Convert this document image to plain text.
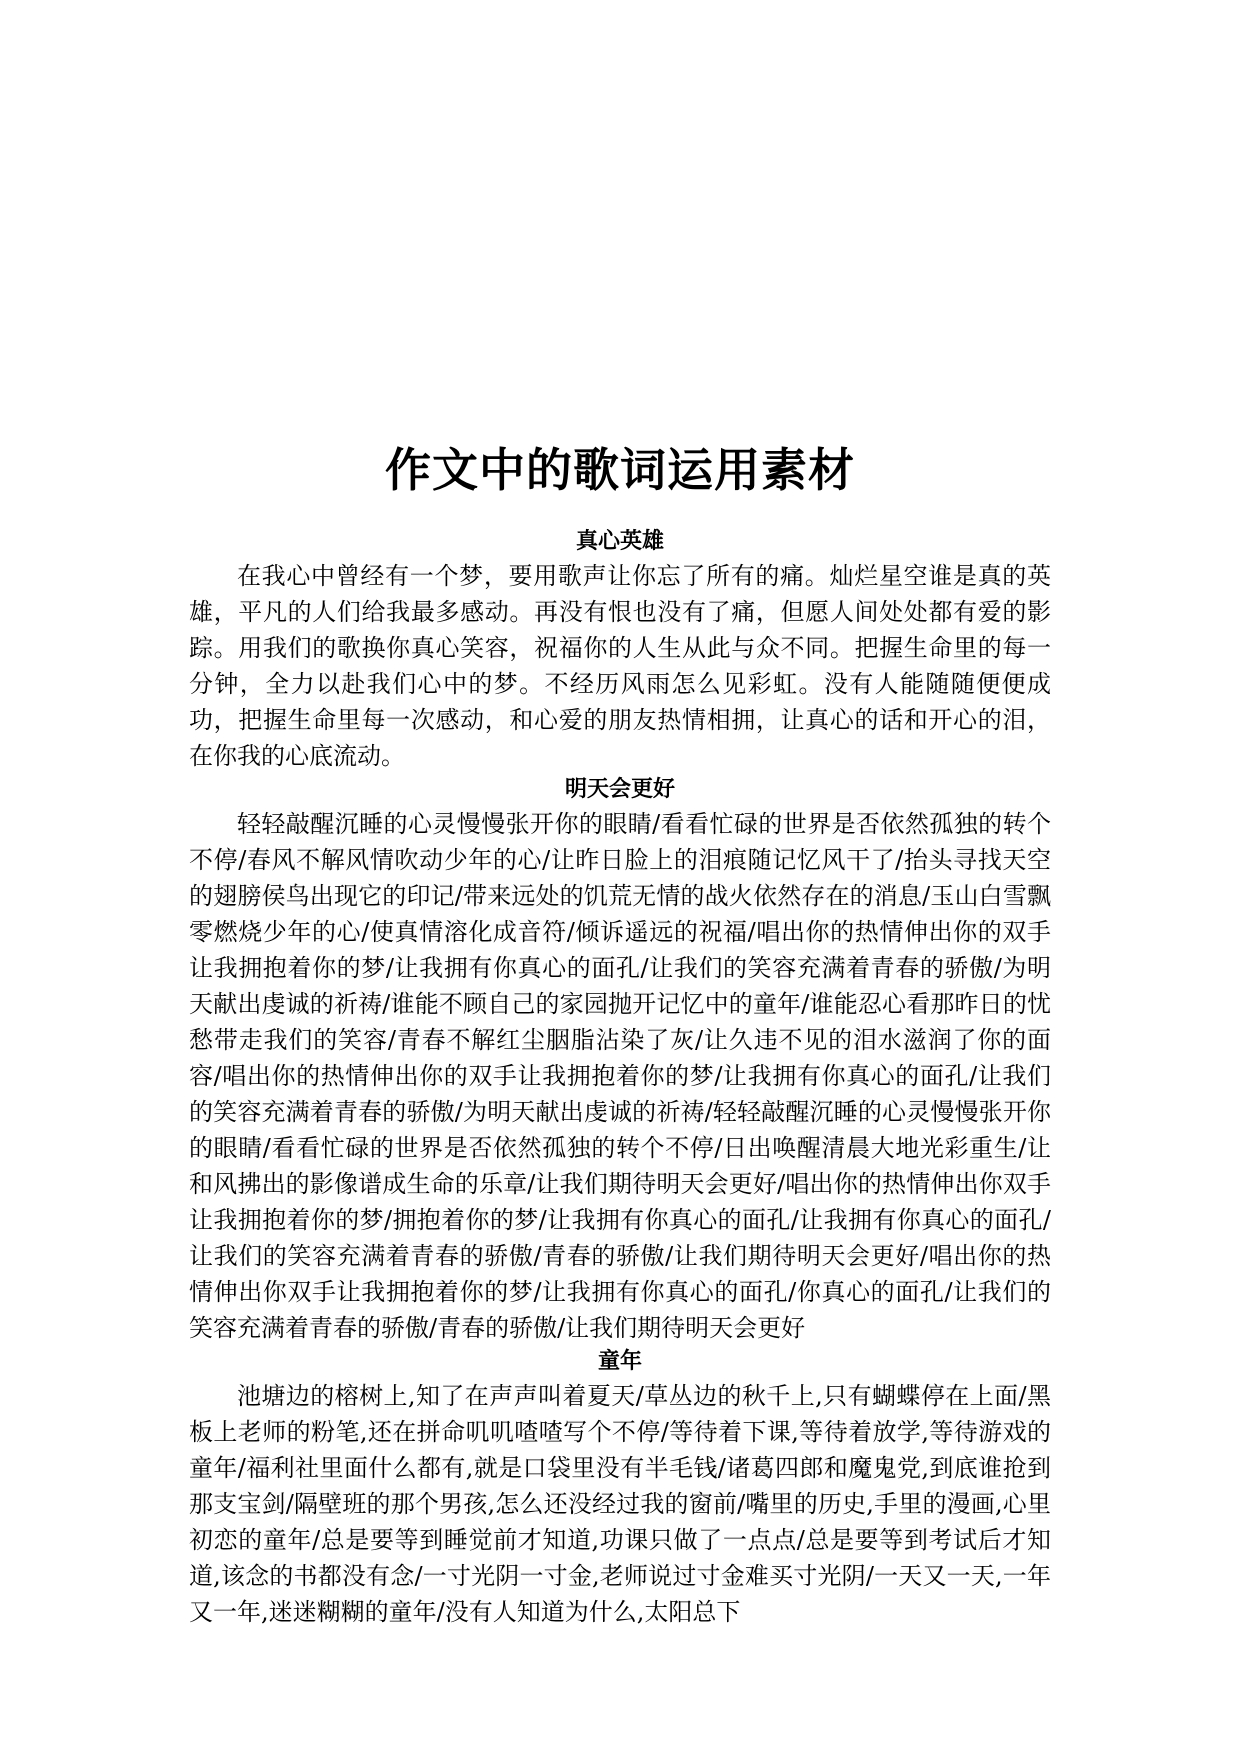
作文中的歌词运用素材
真心英雄

在我心中曾经有一个梦，要用歌声让你忘了所有的痛。灿烂星空谁是真的英雄，平凡的人们给我最多感动。再没有恨也没有了痛，但愿人间处处都有爱的影踪。用我们的歌换你真心笑容，祝福你的人生从此与众不同。把握生命里的每一分钟，全力以赴我们心中的梦。不经历风雨怎么见彩虹。没有人能随随便便成功，把握生命里每一次感动，和心爱的朋友热情相拥，让真心的话和开心的泪，在你我的心底流动。

明天会更好

轻轻敲醒沉睡的心灵慢慢张开你的眼睛/看看忙碌的世界是否依然孤独的转个不停/春风不解风情吹动少年的心/让昨日脸上的泪痕随记忆风干了/抬头寻找天空的翅膀侯鸟出现它的印记/带来远处的饥荒无情的战火依然存在的消息/玉山白雪飘零燃烧少年的心/使真情溶化成音符/倾诉遥远的祝福/唱出你的热情伸出你的双手让我拥抱着你的梦/让我拥有你真心的面孔/让我们的笑容充满着青春的骄傲/为明天献出虔诚的祈祷/谁能不顾自己的家园抛开记忆中的童年/谁能忍心看那昨日的忧愁带走我们的笑容/青春不解红尘胭脂沾染了灰/让久违不见的泪水滋润了你的面容/唱出你的热情伸出你的双手让我拥抱着你的梦/让我拥有你真心的面孔/让我们的笑容充满着青春的骄傲/为明天献出虔诚的祈祷/轻轻敲醒沉睡的心灵慢慢张开你的眼睛/看看忙碌的世界是否依然孤独的转个不停/日出唤醒清晨大地光彩重生/让和风拂出的影像谱成生命的乐章/让我们期待明天会更好/唱出你的热情伸出你双手让我拥抱着你的梦/拥抱着你的梦/让我拥有你真心的面孔/让我拥有你真心的面孔/让我们的笑容充满着青春的骄傲/青春的骄傲/让我们期待明天会更好/唱出你的热情伸出你双手让我拥抱着你的梦/让我拥有你真心的面孔/你真心的面孔/让我们的笑容充满着青春的骄傲/青春的骄傲/让我们期待明天会更好

童年

池塘边的榕树上,知了在声声叫着夏天/草丛边的秋千上,只有蝴蝶停在上面/黑板上老师的粉笔,还在拼命叽叽喳喳写个不停/等待着下课,等待着放学,等待游戏的童年/福利社里面什么都有,就是口袋里没有半毛钱/诸葛四郎和魔鬼党,到底谁抢到那支宝剑/隔壁班的那个男孩,怎么还没经过我的窗前/嘴里的历史,手里的漫画,心里初恋的童年/总是要等到睡觉前才知道,功课只做了一点点/总是要等到考试后才知道,该念的书都没有念/一寸光阴一寸金,老师说过寸金难买寸光阴/一天又一天,一年又一年,迷迷糊糊的童年/没有人知道为什么,太阳总下
